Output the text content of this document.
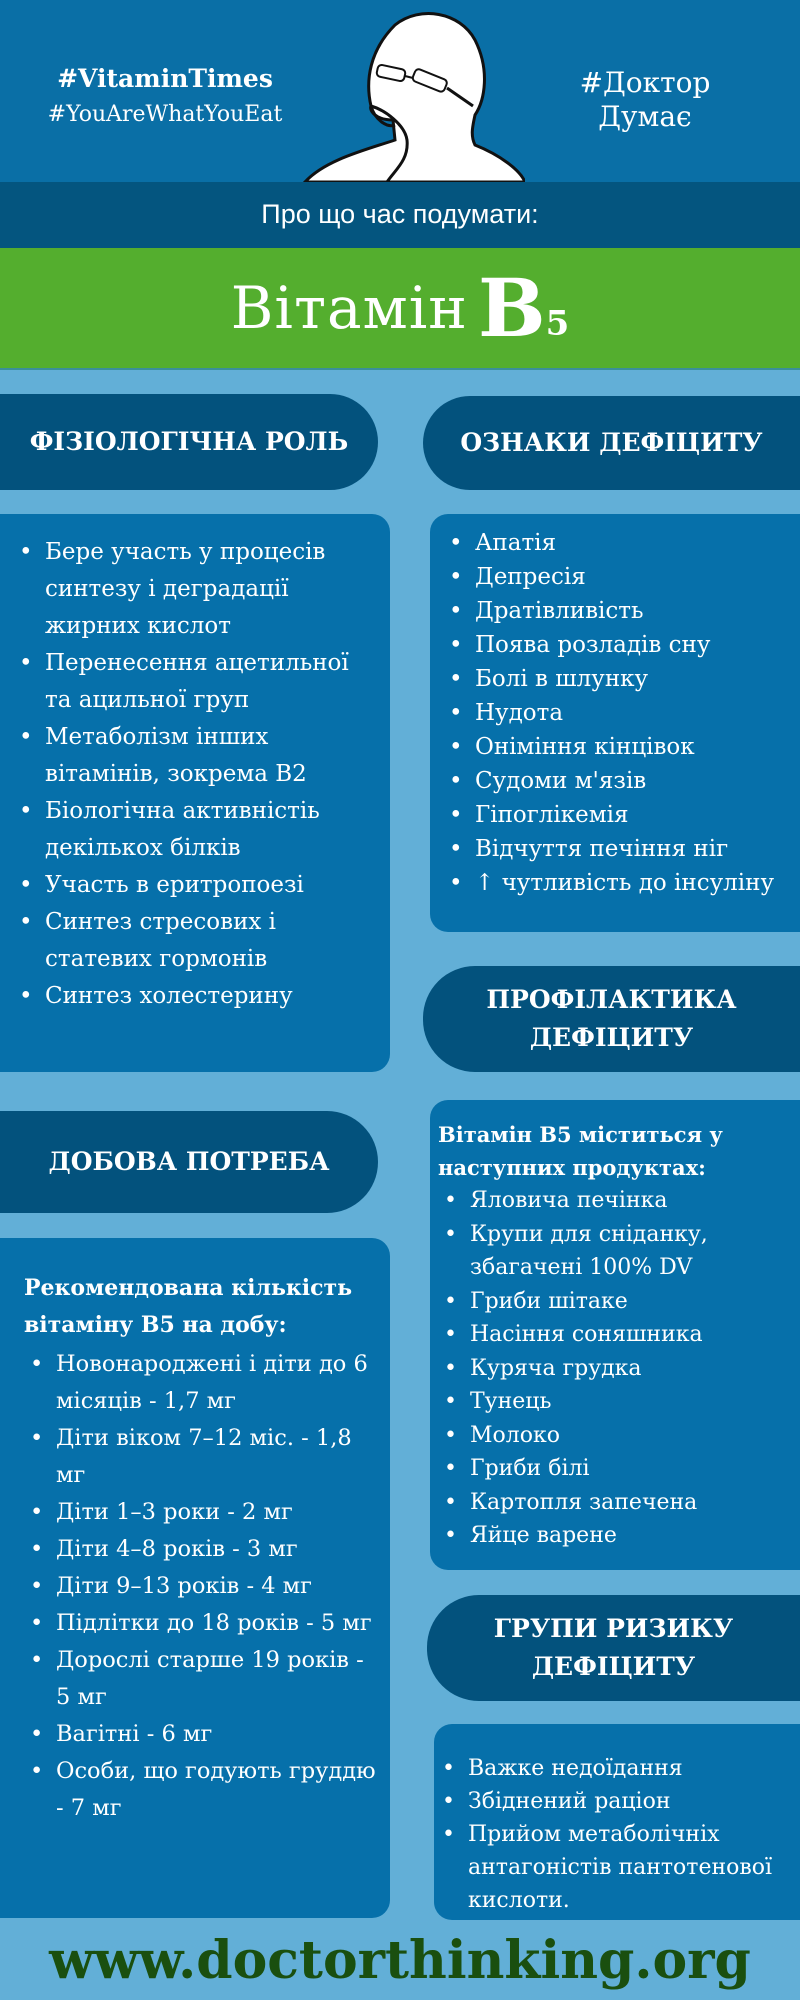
#VitaminTimes
#YouAreWhatYouEat
#Доктор Думає
Про що час подумати:
Вітамін B5
ФІЗІОЛОГІЧНА РОЛЬ
• Бере участь у процесів синтезу і деградації жирних кислот
• Перенесення ацетильної та ацильної груп
• Метаболізм інших вітамінів, зокрема B2
• Біологічна активністіь декількох білків
• Участь в еритропоезі
• Синтез стресових і статевих гормонів
• Синтез холестерину
ОЗНАКИ ДЕФІЦИТУ
• Апатія
• Депресія
• Дратівливість
• Поява розладів сну
• Болі в шлунку
• Нудота
• Оніміння кінцівок
• Судоми м'язів
• Гіпоглікемія
• Відчуття печіння ніг
• ↑ чутливість до інсуліну
ПРОФІЛАКТИКА ДЕФІЦИТУ
Вітамін B5 міститься у наступних продуктах:
• Яловича печінка
• Крупи для сніданку, збагачені 100% DV
• Гриби шітаке
• Насіння соняшника
• Куряча грудка
• Тунець
• Молоко
• Гриби білі
• Картопля запечена
• Яйце варене
ДОБОВА ПОТРЕБА
Рекомендована кількість вітаміну B5 на добу:
• Новонароджені і діти до 6 місяців - 1,7 мг
• Діти віком 7–12 міс. - 1,8 мг
• Діти 1–3 роки - 2 мг
• Діти 4–8 років - 3 мг
• Діти 9–13 років - 4 мг
• Підлітки до 18 років - 5 мг
• Дорослі старше 19 років - 5 мг
• Вагітні - 6 мг
• Особи, що годують груддю - 7 мг
ГРУПИ РИЗИКУ ДЕФІЦИТУ
• Важке недоїдання
• Збіднений раціон
• Прийом метаболічніх антагоністів пантотенової кислоти.
www.doctorthinking.org
